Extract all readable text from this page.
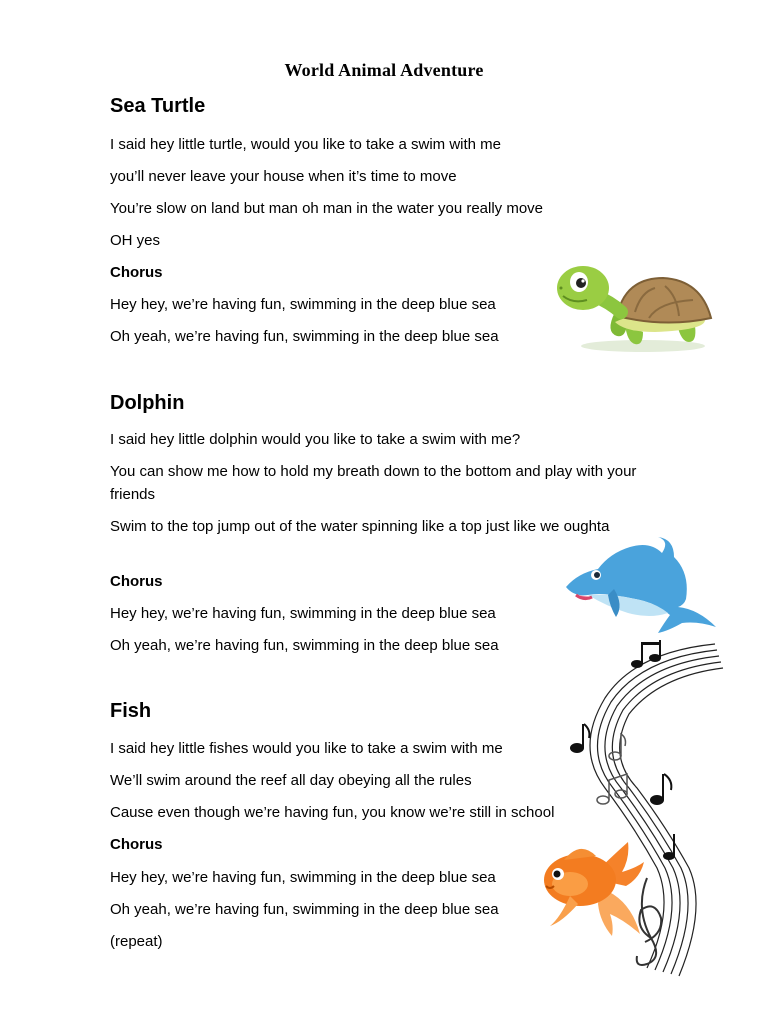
World Animal Adventure
Sea Turtle
I said hey little turtle, would you like to take a swim with me
you’ll never leave your house when it’s time to move
You’re slow on land but man oh man in the water you really move
OH yes
Chorus
Hey hey, we’re having fun, swimming in the deep blue sea
Oh yeah, we’re having fun, swimming in the deep blue sea
Dolphin
I said hey little dolphin would you like to take a swim with me?
You can show me how to hold my breath down to the bottom and play with your friends
Swim to the top jump out of the water spinning like a top just like we oughta
Chorus
Hey hey, we’re having fun, swimming in the deep blue sea
Oh yeah, we’re having fun, swimming in the deep blue sea
Fish
I said hey little fishes would you like to take a swim with me
We’ll swim around the reef all day obeying all the rules
Cause even though we’re having fun, you know we’re still in school
Chorus
Hey hey, we’re having fun, swimming in the deep blue sea
Oh yeah, we’re having fun, swimming in the deep blue sea
(repeat)
